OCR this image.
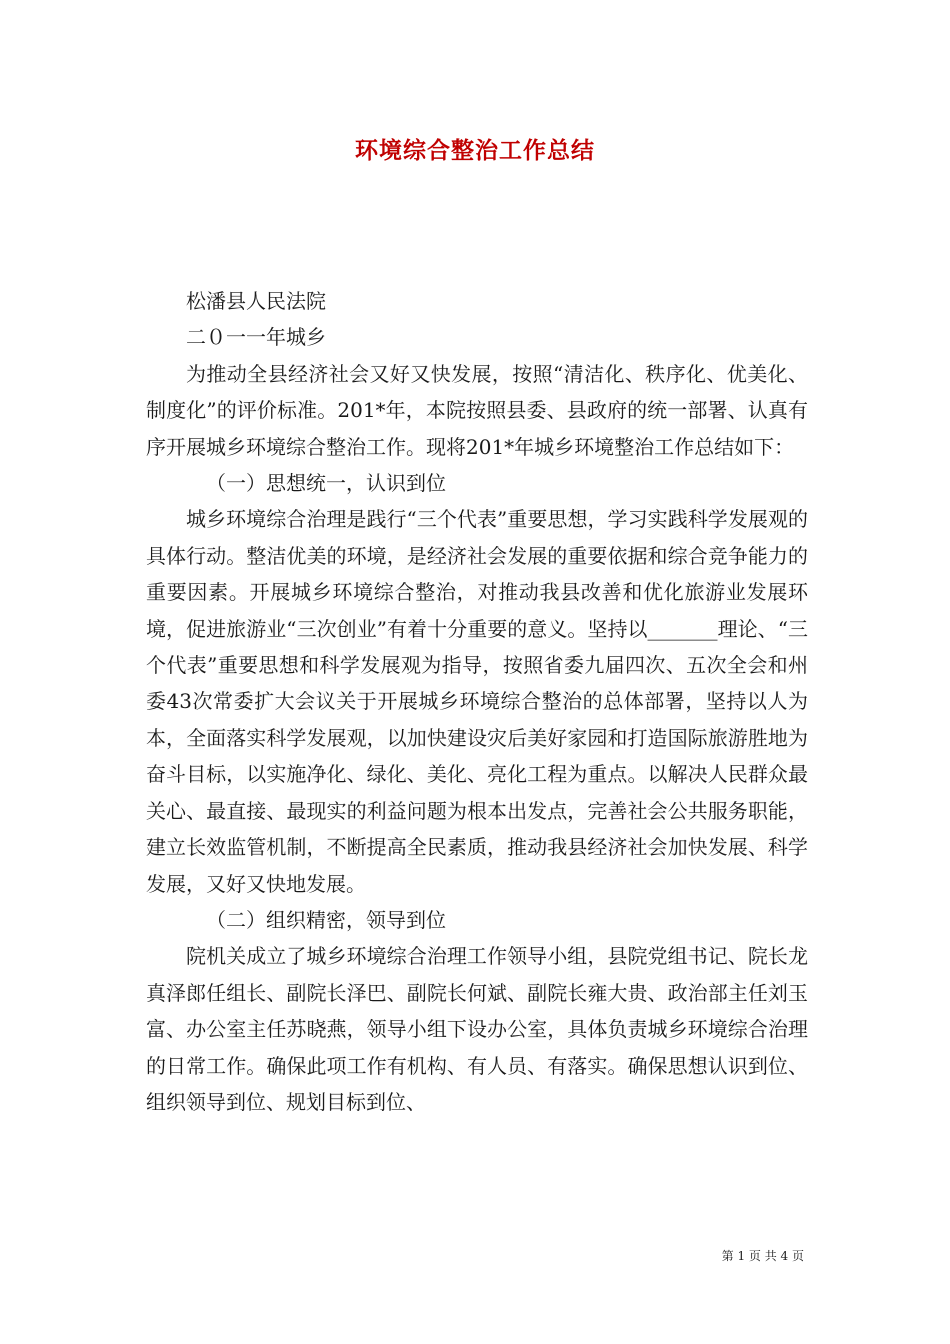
环境综合整治工作总结

松潘县人民法院

二０一一年城乡

为推动全县经济社会又好又快发展，按照“清洁化、秩序化、优美化、制度化”的评价标准。201*年，本院按照县委、县政府的统一部署、认真有序开展城乡环境综合整治工作。现将201*年城乡环境整治工作总结如下：

（一）思想统一，认识到位

城乡环境综合治理是践行“三个代表”重要思想，学习实践科学发展观的具体行动。整洁优美的环境，是经济社会发展的重要依据和综合竞争能力的重要因素。开展城乡环境综合整治，对推动我县改善和优化旅游业发展环境，促进旅游业“三次创业”有着十分重要的意义。坚持以_______理论、“三个代表”重要思想和科学发展观为指导，按照省委九届四次、五次全会和州委43次常委扩大会议关于开展城乡环境综合整治的总体部署，坚持以人为本，全面落实科学发展观，以加快建设灾后美好家园和打造国际旅游胜地为奋斗目标，以实施净化、绿化、美化、亮化工程为重点。以解决人民群众最关心、最直接、最现实的利益问题为根本出发点，完善社会公共服务职能，建立长效监管机制，不断提高全民素质，推动我县经济社会加快发展、科学发展，又好又快地发展。

（二）组织精密，领导到位

院机关成立了城乡环境综合治理工作领导小组，县院党组书记、院长龙真泽郎任组长、副院长泽巴、副院长何斌、副院长雍大贵、政治部主任刘玉富、办公室主任苏晓燕，领导小组下设办公室，具体负责城乡环境综合治理的日常工作。确保此项工作有机构、有人员、有落实。确保思想认识到位、组织领导到位、规划目标到位、

第 1 页 共 4 页
